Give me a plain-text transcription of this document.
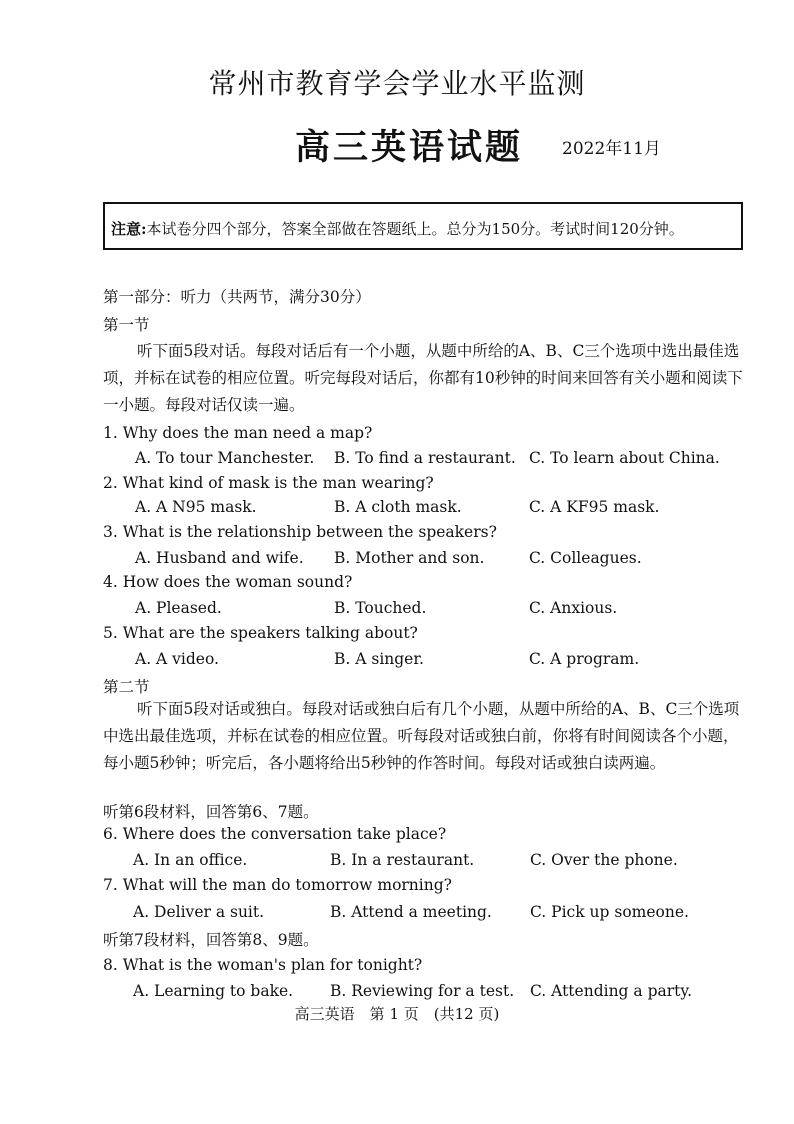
常州市教育学会学业水平监测
高三英语试题 2022年11月
注意:本试卷分四个部分，答案全部做在答题纸上。总分为150分。考试时间120分钟。
第一部分：听力（共两节，满分30分）
第一节
听下面5段对话。每段对话后有一个小题，从题中所给的A、B、C三个选项中选出最佳选项，并标在试卷的相应位置。听完每段对话后，你都有10秒钟的时间来回答有关小题和阅读下一小题。每段对话仅读一遍。
1. Why does the man need a map?
A. To tour Manchester. B. To find a restaurant. C. To learn about China.
2. What kind of mask is the man wearing?
A. A N95 mask.	B. A cloth mask.	C. A KF95 mask.
3. What is the relationship between the speakers?
A. Husband and wife. B. Mother and son.	C. Colleagues.
4. How does the woman sound?
A. Pleased.	B. Touched.	C. Anxious.
5. What are the speakers talking about?
A. A video.	B. A singer.	C. A program.
第二节
听下面5段对话或独白。每段对话或独白后有几个小题，从题中所给的A、B、C三个选项中选出最佳选项，并标在试卷的相应位置。听每段对话或独白前，你将有时间阅读各个小题，每小题5秒钟；听完后，各小题将给出5秒钟的作答时间。每段对话或独白读两遍。
听第6段材料，回答第6、7题。
6. Where does the conversation take place?
A. In an office.	B. In a restaurant.	C. Over the phone.
7. What will the man do tomorrow morning?
A. Deliver a suit.	B. Attend a meeting. C. Pick up someone.
听第7段材料，回答第8、9题。
8. What is the woman's plan for tonight?
A. Learning to bake. B. Reviewing for a test. C. Attending a party.
高三英语　第 1 页　(共12 页)
